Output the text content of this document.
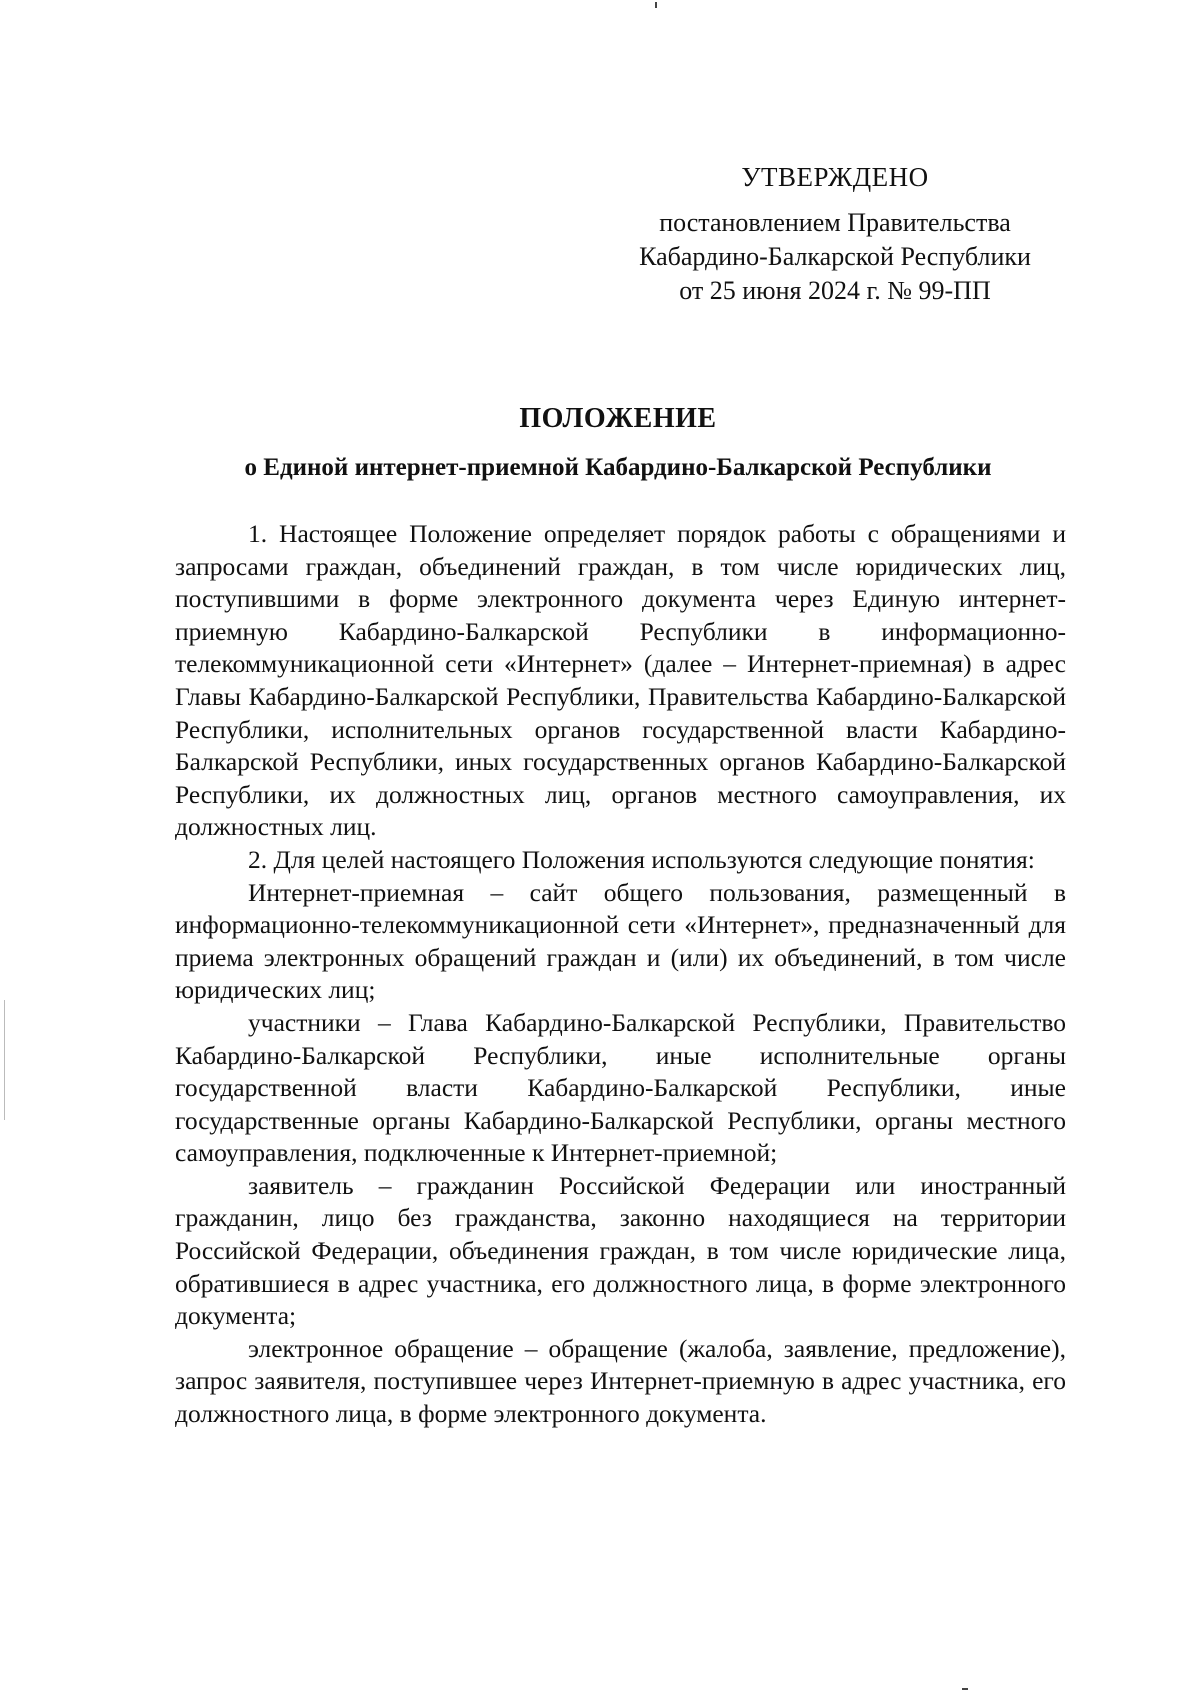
УТВЕРЖДЕНО
постановлением Правительства
Кабардино-Балкарской Республики
от 25 июня 2024 г. № 99-ПП
ПОЛОЖЕНИЕ
о Единой интернет-приемной Кабардино-Балкарской Республики

1. Настоящее Положение определяет порядок работы с обращениями и запросами граждан, объединений граждан, в том числе юридических лиц, поступившими в форме электронного документа через Единую интернет-приемную Кабардино-Балкарской Республики в информационно-телекоммуникационной сети «Интернет» (далее – Интернет-приемная) в адрес Главы Кабардино-Балкарской Республики, Правительства Кабардино-Балкарской Республики, исполнительных органов государственной власти Кабардино-Балкарской Республики, иных государственных органов Кабардино-Балкарской Республики, их должностных лиц, органов местного самоуправления, их должностных лиц.

2. Для целей настоящего Положения используются следующие понятия:

Интернет-приемная – сайт общего пользования, размещенный в информационно-телекоммуникационной сети «Интернет», предназначенный для приема электронных обращений граждан и (или) их объединений, в том числе юридических лиц;

участники – Глава Кабардино-Балкарской Республики, Правительство Кабардино-Балкарской Республики, иные исполнительные органы государственной власти Кабардино-Балкарской Республики, иные государственные органы Кабардино-Балкарской Республики, органы местного самоуправления, подключенные к Интернет-приемной;

заявитель – гражданин Российской Федерации или иностранный гражданин, лицо без гражданства, законно находящиеся на территории Российской Федерации, объединения граждан, в том числе юридические лица, обратившиеся в адрес участника, его должностного лица, в форме электронного документа;

электронное обращение – обращение (жалоба, заявление, предложение), запрос заявителя, поступившее через Интернет-приемную в адрес участника, его должностного лица, в форме электронного документа.
